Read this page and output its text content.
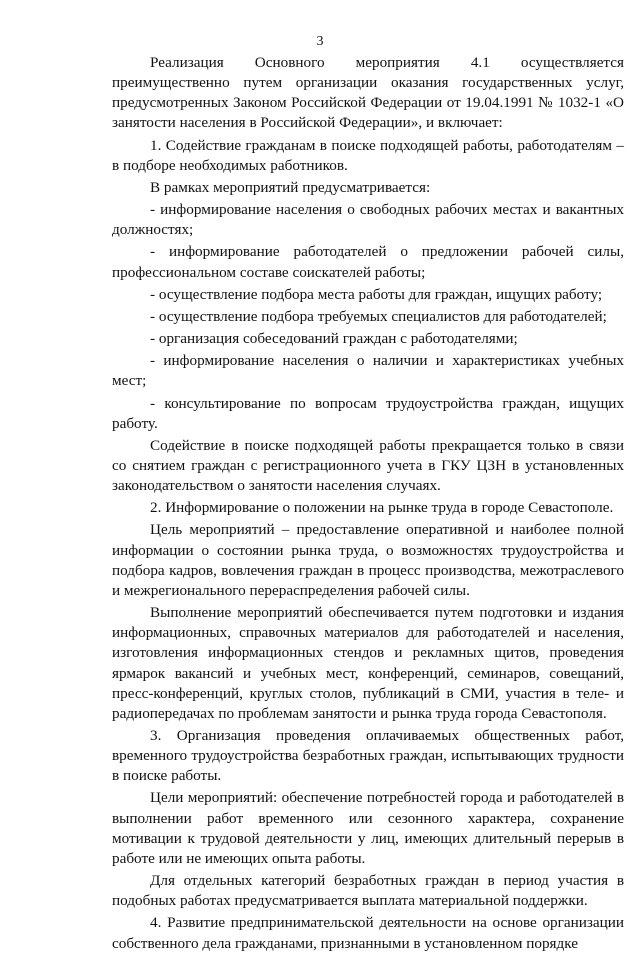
3

Реализация Основного мероприятия 4.1 осуществляется преимущественно путем организации оказания государственных услуг, предусмотренных Законом Российской Федерации от 19.04.1991 № 1032-1 «О занятости населения в Российской Федерации», и включает:

1. Содействие гражданам в поиске подходящей работы, работодателям – в подборе необходимых работников.

В рамках мероприятий предусматривается:

- информирование населения о свободных рабочих местах и вакантных должностях;

- информирование работодателей о предложении рабочей силы, профессиональном составе соискателей работы;

- осуществление подбора места работы для граждан, ищущих работу;

- осуществление подбора требуемых специалистов для работодателей;

- организация собеседований граждан с работодателями;

- информирование населения о наличии и характеристиках учебных мест;

- консультирование по вопросам трудоустройства граждан, ищущих работу.

Содействие в поиске подходящей работы прекращается только в связи со снятием граждан с регистрационного учета в ГКУ ЦЗН в установленных законодательством о занятости населения случаях.

2. Информирование о положении на рынке труда в городе Севастополе.

Цель мероприятий – предоставление оперативной и наиболее полной информации о состоянии рынка труда, о возможностях трудоустройства и подбора кадров, вовлечения граждан в процесс производства, межотраслевого и межрегионального перераспределения рабочей силы.

Выполнение мероприятий обеспечивается путем подготовки и издания информационных, справочных материалов для работодателей и населения, изготовления информационных стендов и рекламных щитов, проведения ярмарок вакансий и учебных мест, конференций, семинаров, совещаний, пресс-конференций, круглых столов, публикаций в СМИ, участия в теле- и радиопередачах по проблемам занятости и рынка труда города Севастополя.

3. Организация проведения оплачиваемых общественных работ, временного трудоустройства безработных граждан, испытывающих трудности в поиске работы.

Цели мероприятий: обеспечение потребностей города и работодателей в выполнении работ временного или сезонного характера, сохранение мотивации к трудовой деятельности у лиц, имеющих длительный перерыв в работе или не имеющих опыта работы.

Для отдельных категорий безработных граждан в период участия в подобных работах предусматривается выплата материальной поддержки.

4. Развитие предпринимательской деятельности на основе организации собственного дела гражданами, признанными в установленном порядке
